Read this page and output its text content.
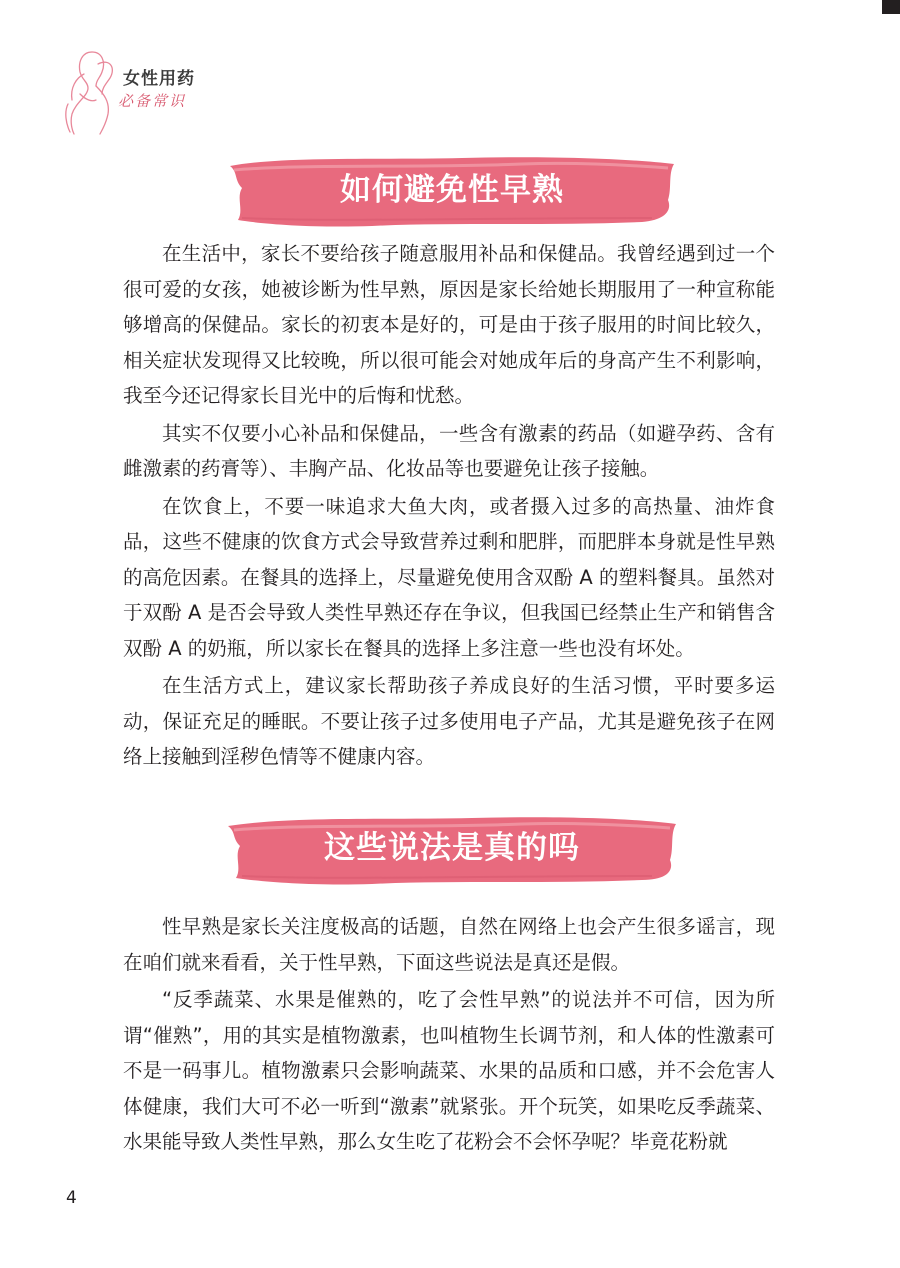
女性用药
必备常识
如何避免性早熟

在生活中，家长不要给孩子随意服用补品和保健品。我曾经遇到过一个很可爱的女孩，她被诊断为性早熟，原因是家长给她长期服用了一种宣称能够增高的保健品。家长的初衷本是好的，可是由于孩子服用的时间比较久，相关症状发现得又比较晚，所以很可能会对她成年后的身高产生不利影响，我至今还记得家长目光中的后悔和忧愁。

其实不仅要小心补品和保健品，一些含有激素的药品（如避孕药、含有雌激素的药膏等）、丰胸产品、化妆品等也要避免让孩子接触。

在饮食上，不要一味追求大鱼大肉，或者摄入过多的高热量、油炸食品，这些不健康的饮食方式会导致营养过剩和肥胖，而肥胖本身就是性早熟的高危因素。在餐具的选择上，尽量避免使用含双酚 A 的塑料餐具。虽然对于双酚 A 是否会导致人类性早熟还存在争议，但我国已经禁止生产和销售含双酚 A 的奶瓶，所以家长在餐具的选择上多注意一些也没有坏处。

在生活方式上，建议家长帮助孩子养成良好的生活习惯，平时要多运动，保证充足的睡眠。不要让孩子过多使用电子产品，尤其是避免孩子在网络上接触到淫秽色情等不健康内容。

这些说法是真的吗

性早熟是家长关注度极高的话题，自然在网络上也会产生很多谣言，现在咱们就来看看，关于性早熟，下面这些说法是真还是假。

“反季蔬菜、水果是催熟的，吃了会性早熟”的说法并不可信，因为所谓“催熟”，用的其实是植物激素，也叫植物生长调节剂，和人体的性激素可不是一码事儿。植物激素只会影响蔬菜、水果的品质和口感，并不会危害人体健康，我们大可不必一听到“激素”就紧张。开个玩笑，如果吃反季蔬菜、水果能导致人类性早熟，那么女生吃了花粉会不会怀孕呢？毕竟花粉就

4
